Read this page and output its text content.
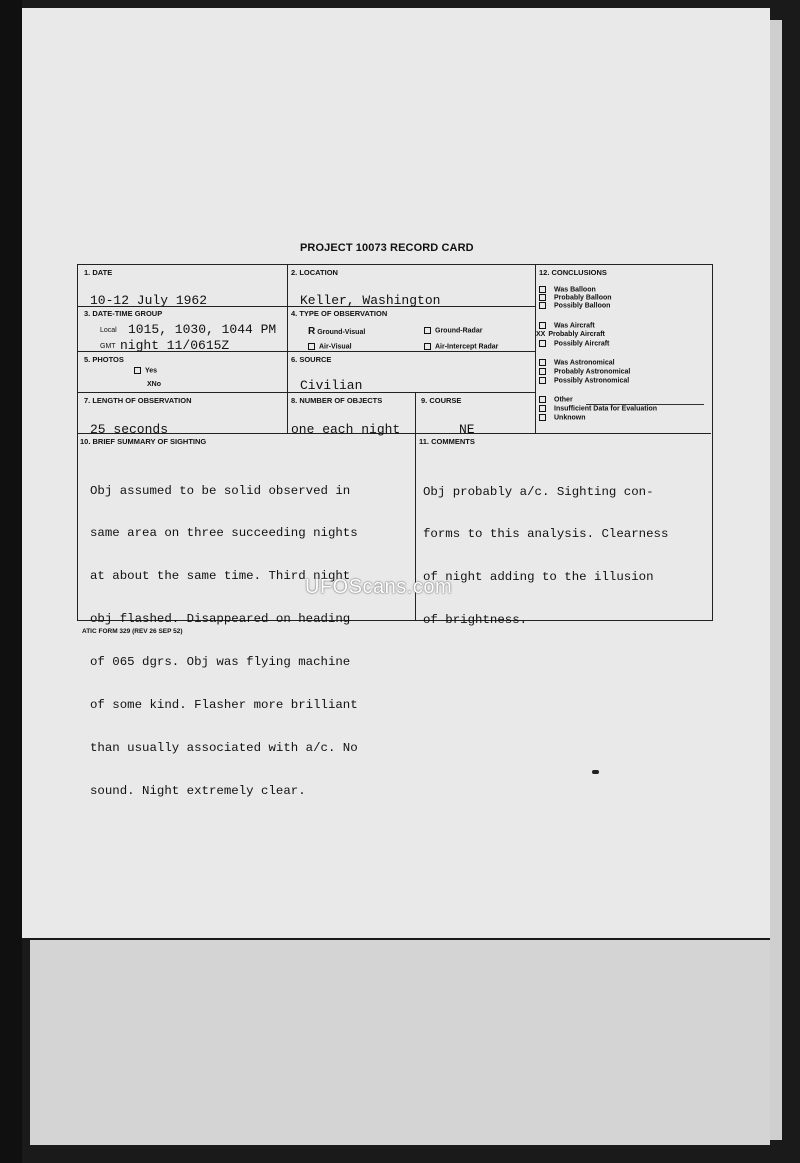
PROJECT 10073 RECORD CARD
1. DATE
10-12 July 1962
2. LOCATION
Keller, Washington
3. DATE-TIME GROUP
Local 1015, 1030, 1044 PM
GMT night 11/0615Z
4. TYPE OF OBSERVATION
R Ground-Visual	Ground-Radar
Air-Visual	Air-Intercept Radar
5. PHOTOS
Yes
XNo
6. SOURCE
Civilian
7. LENGTH OF OBSERVATION
25 seconds
8. NUMBER OF OBJECTS
one each night
9. COURSE
NE
10. BRIEF SUMMARY OF SIGHTING

Obj assumed to be solid observed in

same area on three succeeding nights

at about the same time. Third night

obj flashed. Disappeared on heading

of 065 dgrs. Obj was flying machine

of some kind. Flasher more brilliant

than usually associated with a/c. No

sound. Night extremely clear.

11. COMMENTS

Obj probably a/c. Sighting con-

forms to this analysis. Clearness

of night adding to the illusion

of brightness.

12. CONCLUSIONS
Was Balloon
Probably Balloon
Possibly Balloon
Was Aircraft
XX Probably Aircraft
Possibly Aircraft
Was Astronomical
Probably Astronomical
Possibly Astronomical
Other
Insufficient Data for Evaluation
Unknown
UFOScans.com
ATIC FORM 329 (REV 26 SEP 52)
